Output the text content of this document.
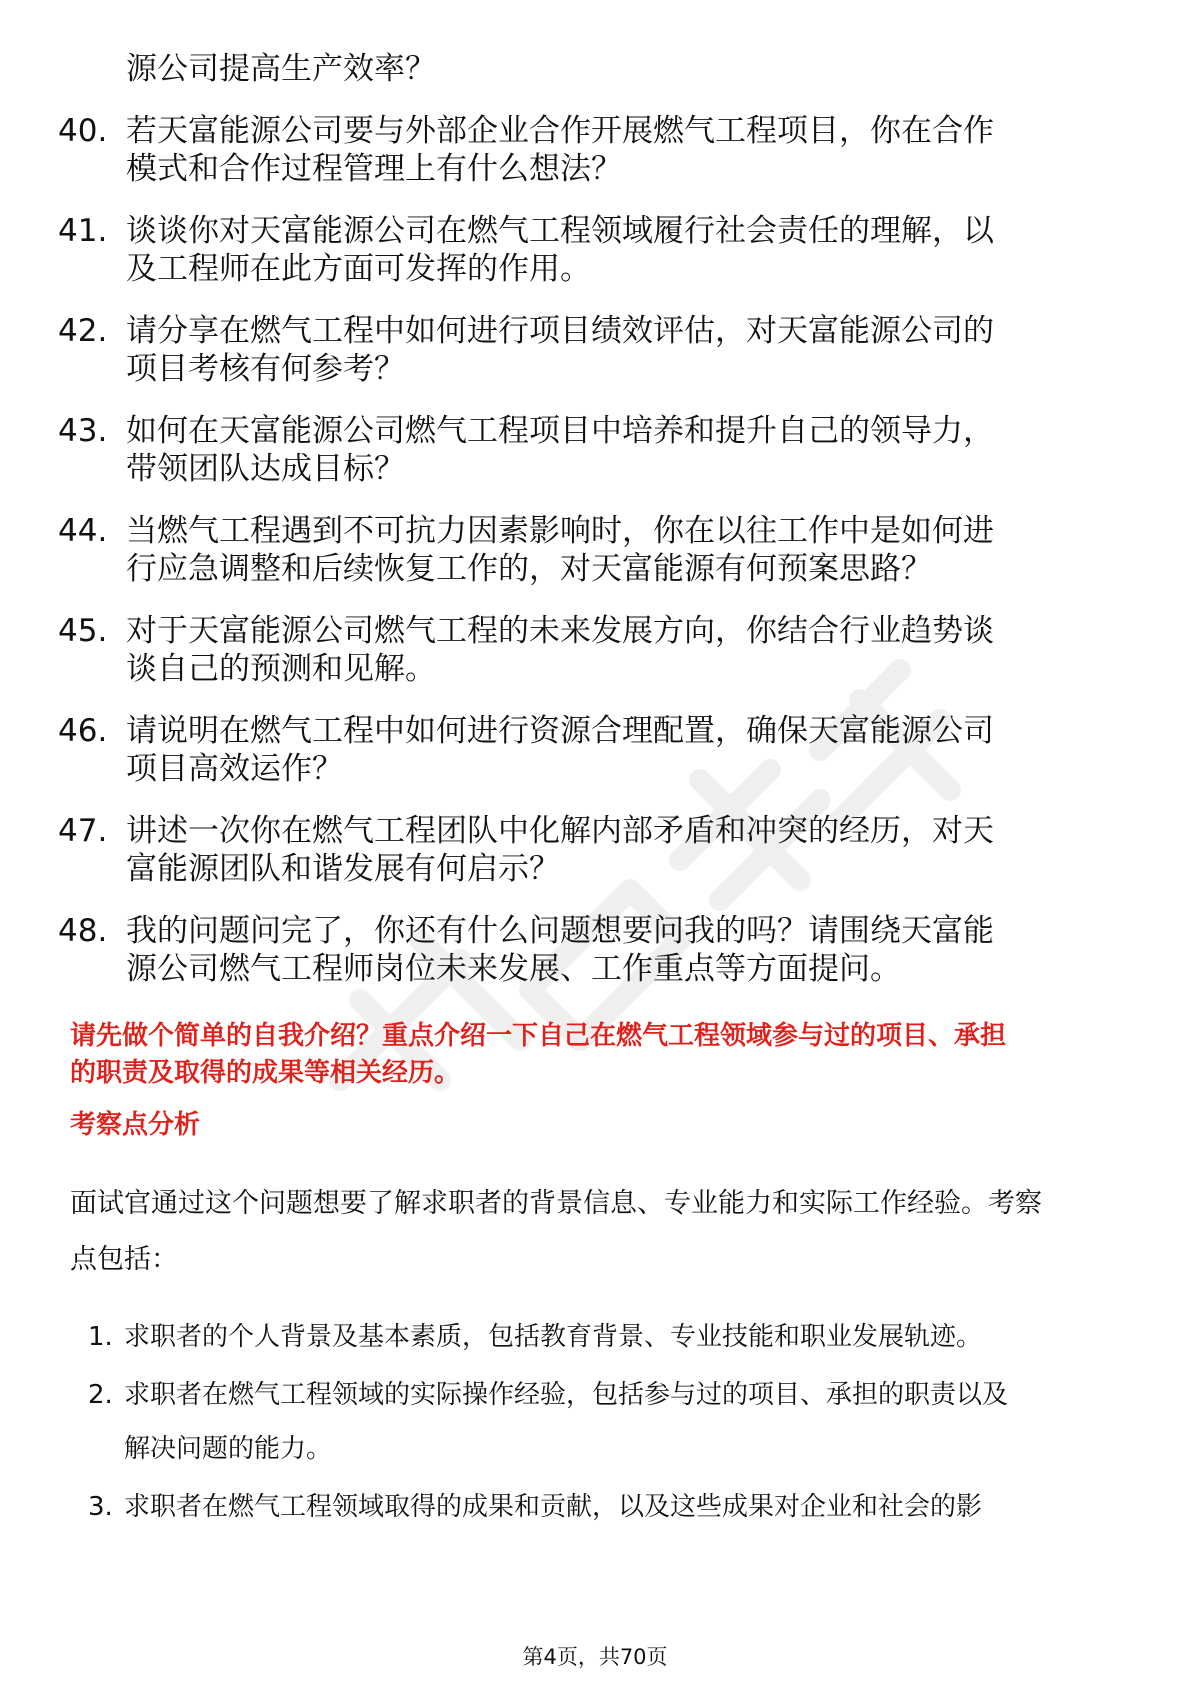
源公司提高生产效率？
40. 若天富能源公司要与外部企业合作开展燃气工程项目，你在合作
模式和合作过程管理上有什么想法？
41. 谈谈你对天富能源公司在燃气工程领域履行社会责任的理解，以
及工程师在此方面可发挥的作用。
42. 请分享在燃气工程中如何进行项目绩效评估，对天富能源公司的
项目考核有何参考？
43. 如何在天富能源公司燃气工程项目中培养和提升自己的领导力，
带领团队达成目标？
44. 当燃气工程遇到不可抗力因素影响时，你在以往工作中是如何进
行应急调整和后续恢复工作的，对天富能源有何预案思路？
45. 对于天富能源公司燃气工程的未来发展方向，你结合行业趋势谈
谈自己的预测和见解。
46. 请说明在燃气工程中如何进行资源合理配置，确保天富能源公司
项目高效运作？
47. 讲述一次你在燃气工程团队中化解内部矛盾和冲突的经历，对天
富能源团队和谐发展有何启示？
48. 我的问题问完了，你还有什么问题想要问我的吗？请围绕天富能
源公司燃气工程师岗位未来发展、工作重点等方面提问。
请先做个简单的自我介绍？重点介绍一下自己在燃气工程领域参与过的项目、承担
的职责及取得的成果等相关经历。
考察点分析
面试官通过这个问题想要了解求职者的背景信息、专业能力和实际工作经验。考察
点包括：
1. 求职者的个人背景及基本素质，包括教育背景、专业技能和职业发展轨迹。
2. 求职者在燃气工程领域的实际操作经验，包括参与过的项目、承担的职责以及
解决问题的能力。
3. 求职者在燃气工程领域取得的成果和贡献，以及这些成果对企业和社会的影
第4页，共70页
